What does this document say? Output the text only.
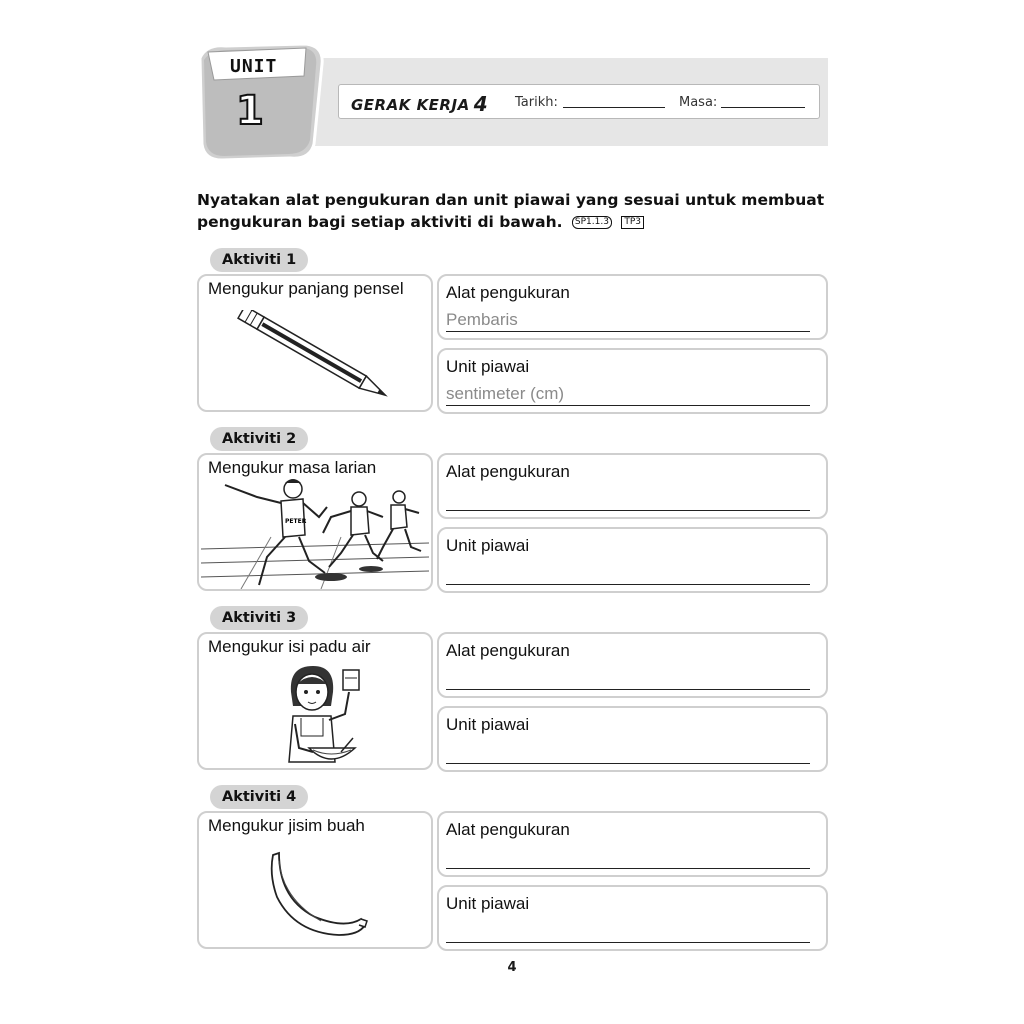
UNIT
1	GERAK KERJA 4 Tarikh:	Masa:
Nyatakan alat pengukuran dan unit piawai yang sesuai untuk membuat pengukuran bagi setiap aktiviti di bawah. SP1.1.3 TP3
Aktiviti 1
Mengukur panjang pensel Alat pengukuran
Pembaris
Unit piawai
sentimeter (cm)
Aktiviti 2
Mengukur masa larian
PETER
Alat pengukuran
Unit piawai
Aktiviti 3
Mengukur isi padu air	Alat pengukuran
Unit piawai
Aktiviti 4
Mengukur jisim buah	Alat pengukuran
Unit piawai
4
